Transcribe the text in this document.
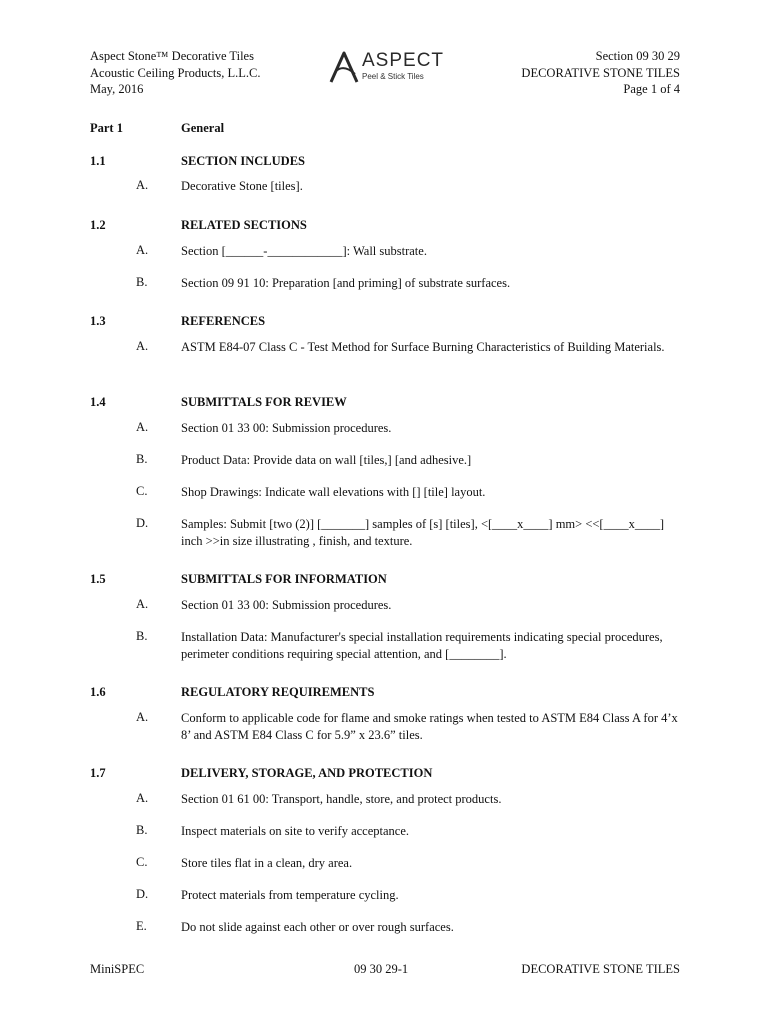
Aspect Stone™ Decorative Tiles
Acoustic Ceiling Products, L.L.C.
May, 2016
ASPECT
Peel & Stick Tiles
Section 09 30 29
DECORATIVE STONE TILES
Page 1 of 4
Part 1	General
1.1	SECTION INCLUDES
A.	Decorative Stone [tiles].
1.2	RELATED SECTIONS
A.	Section [______-____________]: Wall substrate.
B.	Section 09 91 10: Preparation [and priming] of substrate surfaces.
1.3	REFERENCES
A.	ASTM E84-07 Class C - Test Method for Surface Burning Characteristics of Building Materials.
1.4	SUBMITTALS FOR REVIEW
A.	Section 01 33 00: Submission procedures.
B.	Product Data: Provide data on wall [tiles,] [and adhesive.]
C.	Shop Drawings: Indicate wall elevations with [] [tile] layout.
D.	Samples: Submit [two (2)] [_______] samples of [s] [tiles], <[____x____] mm> <<[____x____] inch >>in size illustrating , finish, and texture.
1.5	SUBMITTALS FOR INFORMATION
A.	Section 01 33 00: Submission procedures.
B.	Installation Data: Manufacturer's special installation requirements indicating special procedures, perimeter conditions requiring special attention, and [________].
1.6	REGULATORY REQUIREMENTS
A.	Conform to applicable code for flame and smoke ratings when tested to ASTM E84 Class A for 4’x 8’ and ASTM E84 Class C for 5.9” x 23.6” tiles.
1.7	DELIVERY, STORAGE, AND PROTECTION
A.	Section 01 61 00: Transport, handle, store, and protect products.
B.	Inspect materials on site to verify acceptance.
C.	Store tiles flat in a clean, dry area.
D.	Protect materials from temperature cycling.
E.	Do not slide against each other or over rough surfaces.
MiniSPEC	09 30 29-1	DECORATIVE STONE TILES
